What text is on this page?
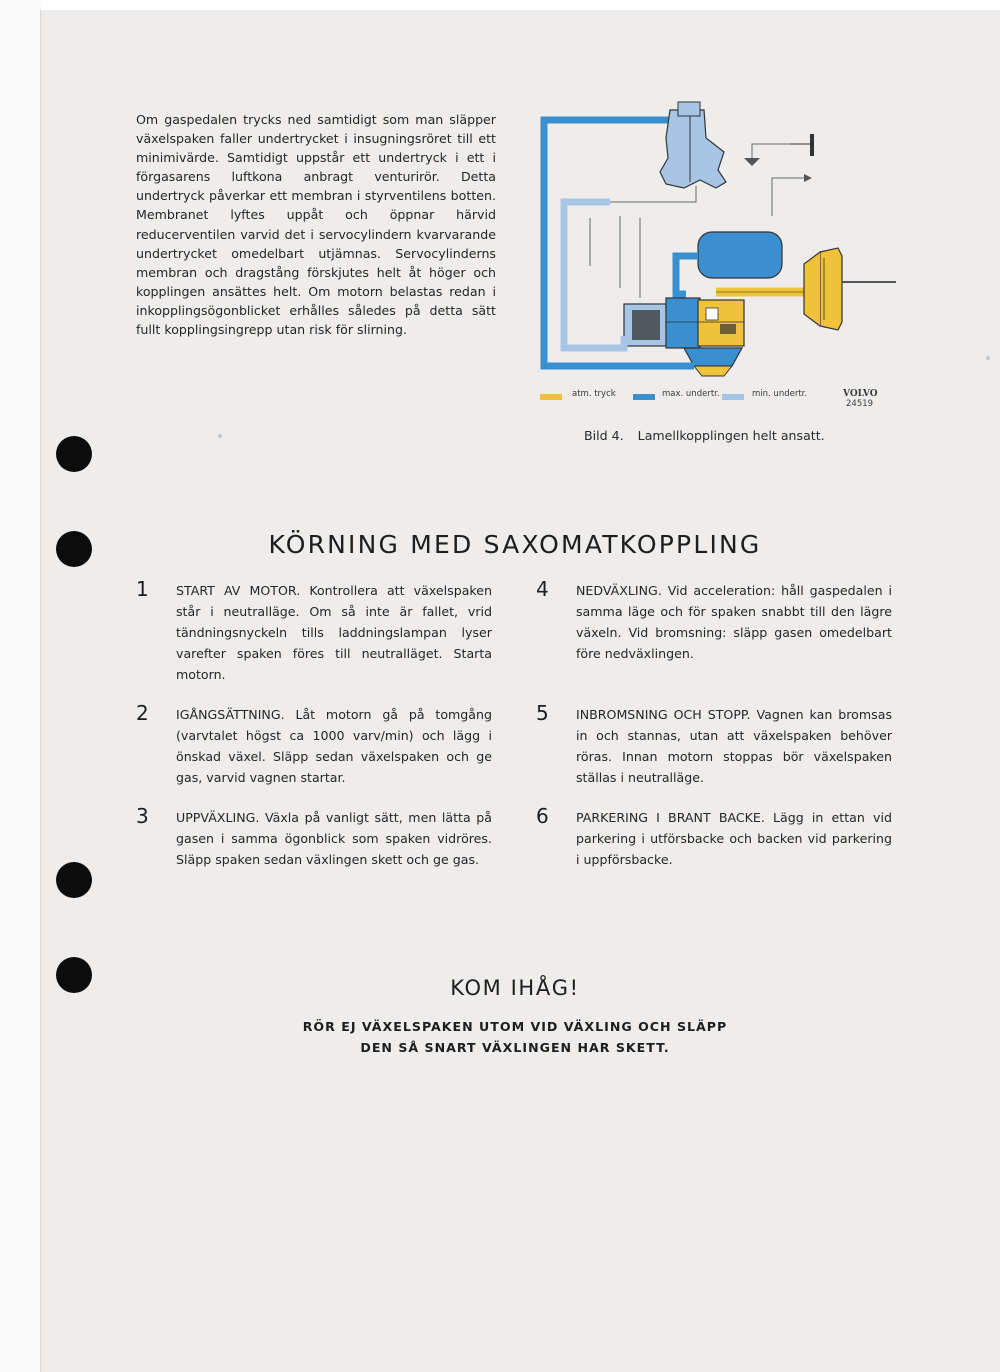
Om gaspedalen trycks ned samtidigt som man släpper växelspaken faller undertrycket i insugningsröret till ett minimivärde. Samtidigt uppstår ett undertryck i ett i förgasarens luftkona anbragt venturirör. Detta undertryck påverkar ett membran i styrventilens botten. Membranet lyftes uppåt och öppnar härvid reducerventilen varvid det i servocylindern kvarvarande undertrycket omedelbart utjämnas. Servocylinderns membran och dragstång förskjutes helt åt höger och kopplingen ansättes helt. Om motorn belastas redan i inkopplingsögonblicket erhålles således på detta sätt fullt kopplingsingrepp utan risk för slirning.
atm. tryck	max. undertr.	min. undertr.	VOLVO
24519
Bild 4. Lamellkopplingen helt ansatt.
KÖRNING MED SAXOMATKOPPLING
1 START AV MOTOR. Kontrollera att växelspaken står i neutralläge. Om så inte är fallet, vrid tändningsnyckeln tills laddningslampan lyser varefter spaken föres till neutralläget. Starta motorn.
2 IGÅNGSÄTTNING. Låt motorn gå på tomgång (varvtalet högst ca 1000 varv/min) och lägg i önskad växel. Släpp sedan växelspaken och ge gas, varvid vagnen startar.
3 UPPVÄXLING. Växla på vanligt sätt, men lätta på gasen i samma ögonblick som spaken vidröres. Släpp spaken sedan växlingen skett och ge gas.
4 NEDVÄXLING. Vid acceleration: håll gaspedalen i samma läge och för spaken snabbt till den lägre växeln. Vid bromsning: släpp gasen omedelbart före nedväxlingen.
5 INBROMSNING OCH STOPP. Vagnen kan bromsas in och stannas, utan att växelspaken behöver röras. Innan motorn stoppas bör växelspaken ställas i neutralläge.
6 PARKERING I BRANT BACKE. Lägg in ettan vid parkering i utförsbacke och backen vid parkering i uppförsbacke.
KOM IHÅG!
RÖR EJ VÄXELSPAKEN UTOM VID VÄXLING OCH SLÄPP
DEN SÅ SNART VÄXLINGEN HAR SKETT.
